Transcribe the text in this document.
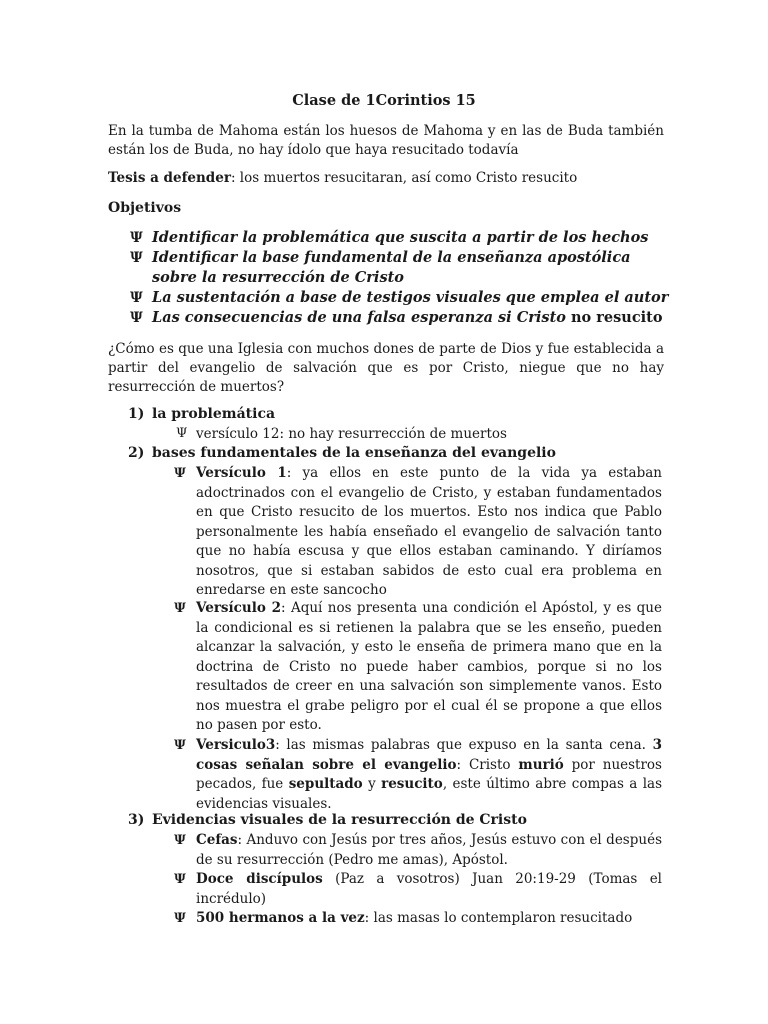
Clase de 1Corintios 15
En la tumba de Mahoma están los huesos de Mahoma y en las de Buda también están los de Buda, no hay ídolo que haya resucitado todavía
Tesis a defender: los muertos resucitaran, así como Cristo resucito
Objetivos
Ψ Identificar la problemática que suscita a partir de los hechos
Ψ Identificar la base fundamental de la enseñanza apostólica
sobre la resurrección de Cristo
Ψ La sustentación a base de testigos visuales que emplea el autor
Ψ Las consecuencias de una falsa esperanza si Cristo no resucito
¿Cómo es que una Iglesia con muchos dones de parte de Dios y fue establecida a partir del evangelio de salvación que es por Cristo, niegue que no hay resurrección de muertos?
1) la problemática
Ψ versículo 12: no hay resurrección de muertos
2) bases fundamentales de la enseñanza del evangelio
Ψ Versículo 1: ya ellos en este punto de la vida ya estaban adoctrinados con el evangelio de Cristo, y estaban fundamentados en que Cristo resucito de los muertos. Esto nos indica que Pablo personalmente les había enseñado el evangelio de salvación tanto que no había escusa y que ellos estaban caminando. Y diríamos nosotros, que si estaban sabidos de esto cual era problema en enredarse en este sancocho
Ψ Versículo 2: Aquí nos presenta una condición el Apóstol, y es que la condicional es si retienen la palabra que se les enseño, pueden alcanzar la salvación, y esto le enseña de primera mano que en la doctrina de Cristo no puede haber cambios, porque si no los resultados de creer en una salvación son simplemente vanos. Esto nos muestra el grabe peligro por el cual él se propone a que ellos no pasen por esto.
Ψ Versiculo3: las mismas palabras que expuso en la santa cena. 3 cosas señalan sobre el evangelio: Cristo murió por nuestros pecados, fue sepultado y resucito, este último abre compas a las evidencias visuales.
3) Evidencias visuales de la resurrección de Cristo
Ψ Cefas: Anduvo con Jesús por tres años, Jesús estuvo con el después de su resurrección (Pedro me amas), Apóstol.
Ψ Doce discípulos (Paz a vosotros) Juan 20:19-29 (Tomas el incrédulo)
Ψ 500 hermanos a la vez: las masas lo contemplaron resucitado
